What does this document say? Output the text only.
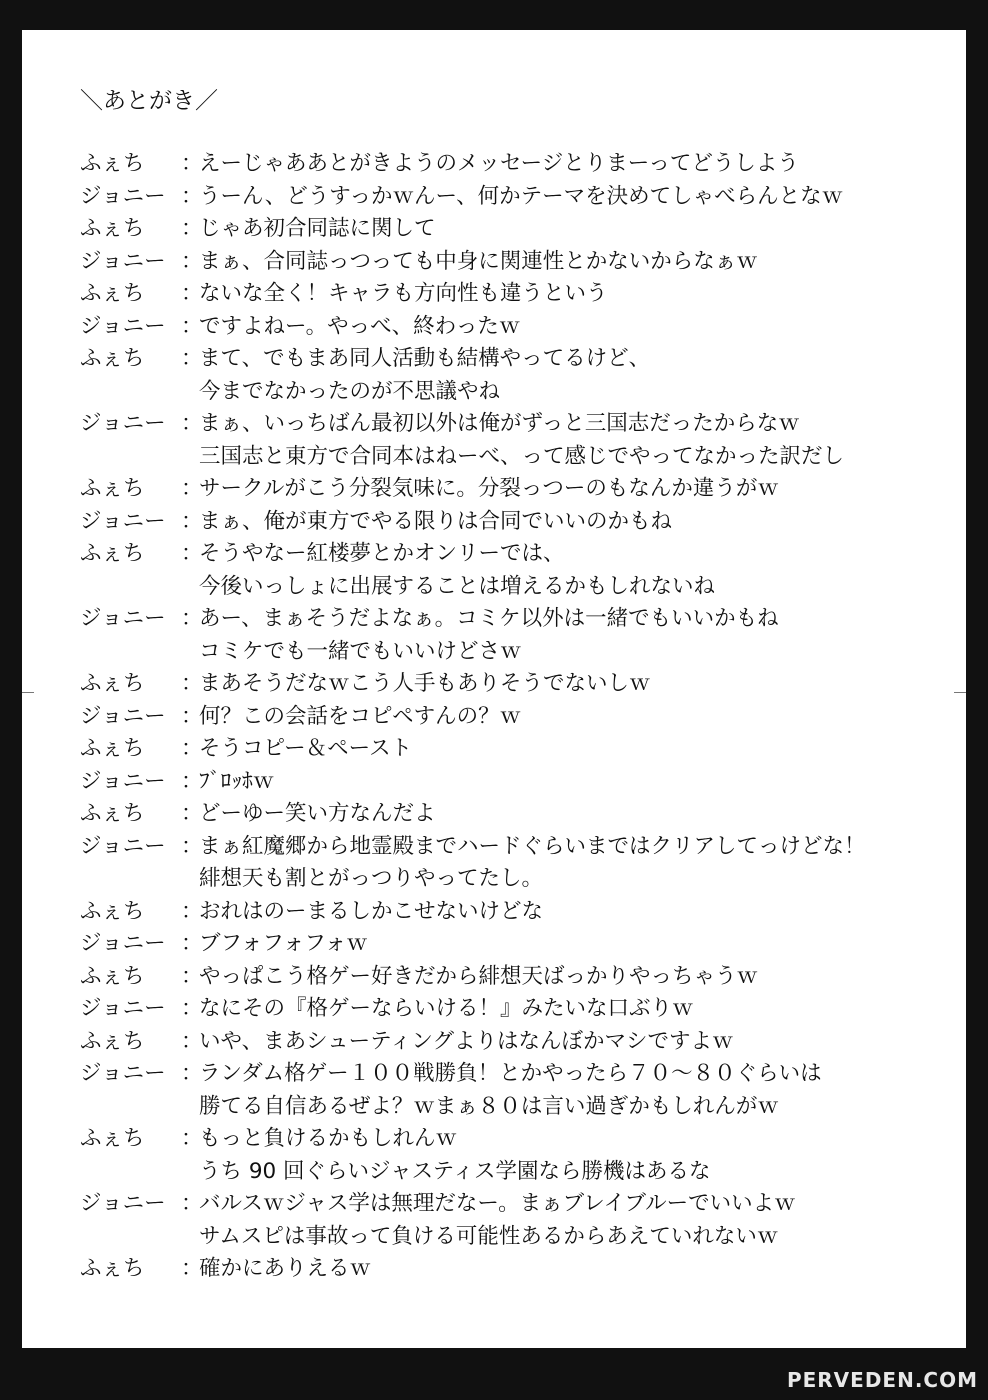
＼あとがき／
ふぇち	：
えーじゃああとがきようのメッセージとりまーってどうしよう
ジョニー ：
うーん、どうすっかｗんー、何かテーマを決めてしゃべらんとなｗ
ふぇち	：
じゃあ初合同誌に関して
ジョニー ：
まぁ、合同誌っつっても中身に関連性とかないからなぁｗ
ふぇち	：
ないな全く！キャラも方向性も違うという
ジョニー ：
ですよねー。やっべ、終わったｗ
ふぇち	：
まて、でもまあ同人活動も結構やってるけど、
今までなかったのが不思議やね
ジョニー ：
まぁ、いっちばん最初以外は俺がずっと三国志だったからなｗ
三国志と東方で合同本はねーべ、って感じでやってなかった訳だし
ふぇち	：
サークルがこう分裂気味に。分裂っつーのもなんか違うがｗ
ジョニー ：
まぁ、俺が東方でやる限りは合同でいいのかもね
ふぇち	：
そうやなー紅楼夢とかオンリーでは、
今後いっしょに出展することは増えるかもしれないね
ジョニー ：
あー、まぁそうだよなぁ。コミケ以外は一緒でもいいかもね
コミケでも一緒でもいいけどさｗ
ふぇち	：
まあそうだなｗこう人手もありそうでないしｗ
ジョニー ：
何？この会話をコピペすんの？ｗ
ふぇち	：
そうコピー＆ペースト
ジョニー ：
ﾌﾞﾛｯﾎｗ
ふぇち	：
どーゆー笑い方なんだよ
ジョニー ：
まぁ紅魔郷から地霊殿までハードぐらいまではクリアしてっけどな！
緋想天も割とがっつりやってたし。
ふぇち	：
おれはのーまるしかこせないけどな
ジョニー ：
ブフォフォフォｗ
ふぇち	：
やっぱこう格ゲー好きだから緋想天ばっかりやっちゃうｗ
ジョニー ：
なにその『格ゲーならいける！』みたいな口ぶりｗ
ふぇち	：
いや、まあシューティングよりはなんぼかマシですよｗ
ジョニー ：
ランダム格ゲー１００戦勝負！とかやったら７０〜８０ぐらいは
勝てる自信あるぜよ？ｗまぁ８０は言い過ぎかもしれんがｗ
ふぇち	：
もっと負けるかもしれんｗ
うち 90 回ぐらいジャスティス学園なら勝機はあるな
ジョニー ：
バルスｗジャス学は無理だなー。まぁブレイブルーでいいよｗ
サムスピは事故って負ける可能性あるからあえていれないｗ
ふぇち	：
確かにありえるｗ
PERVEDEN.COM
